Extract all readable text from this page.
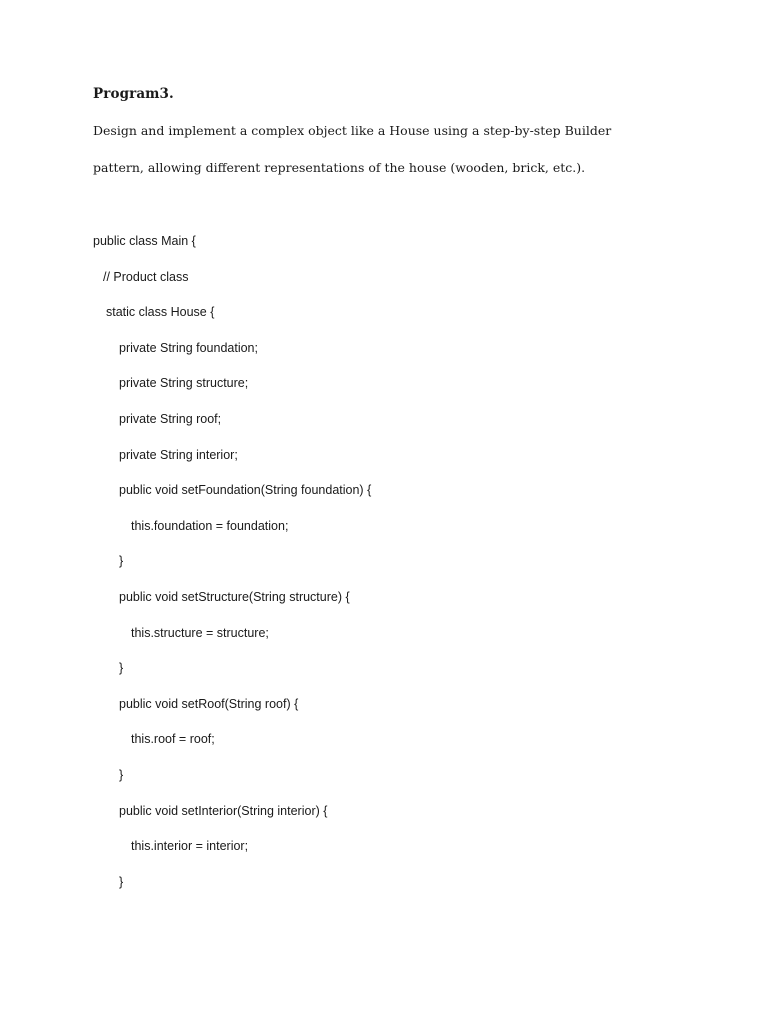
Program3.
Design and implement a complex object like a House using a step-by-step Builder
pattern, allowing different representations of the house (wooden, brick, etc.).
public class Main {
// Product class
static class House {
private String foundation;
private String structure;
private String roof;
private String interior;
public void setFoundation(String foundation) {
this.foundation = foundation;
}
public void setStructure(String structure) {
this.structure = structure;
}
public void setRoof(String roof) {
this.roof = roof;
}
public void setInterior(String interior) {
this.interior = interior;
}
